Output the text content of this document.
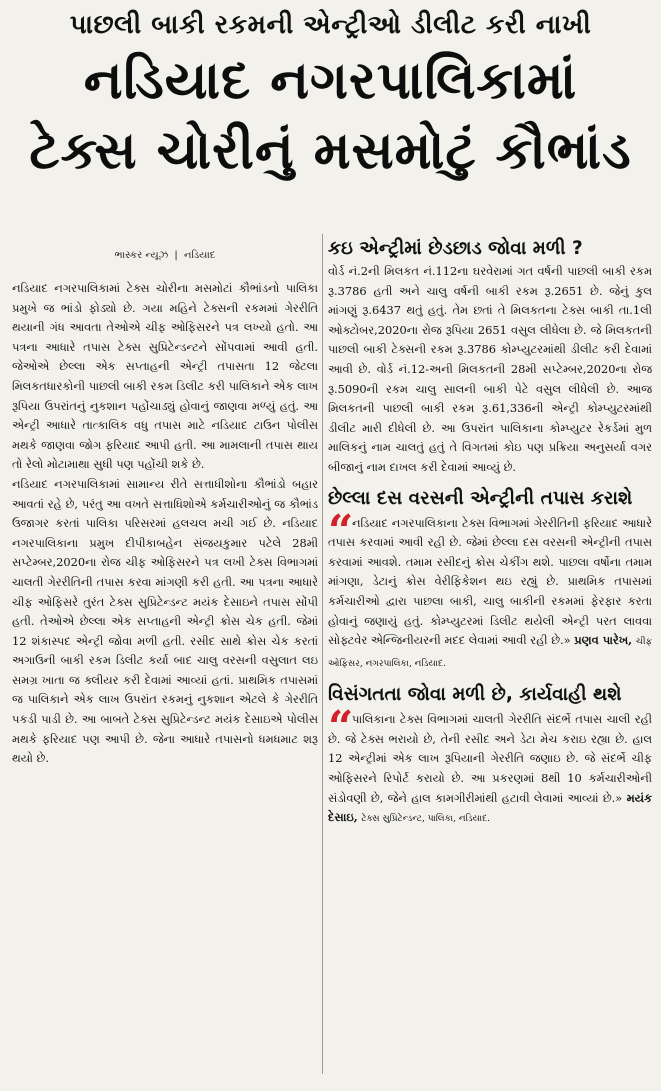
પાછલી બાકી રકમની એન્ટ્રીઓ ડીલીટ કરી નાખી
નડિયાદ નગરપાલિકામાં
ટેક્સ ચોરીનું મસમોટું કૌભાંડ
ભાસ્કર ન્યૂઝ | નડિયાદ

નડિયાદ નગરપાલિકામાં ટેક્સ ચોરીના મસમોટાં કૌભાંડનો પાલિકા પ્રમુખે જ ભાંડો ફોડ્યો છે. ગયા મહિને ટેક્સની રકમમાં ગેરરીતિ થયાની ગંધ આવતા તેઓએ ચીફ ઓફિસરને પત્ર લખ્યો હતો. આ પત્રના આધારે તપાસ ટેક્સ સુપ્રિટેન્ડન્ટને સોંપવામાં આવી હતી. જેઓએ છેલ્લા એક સપ્તાહની એન્ટ્રી તપાસતા 12 જેટલા મિલકતધારકોની પાછલી બાકી રકમ ડિલીટ કરી પાલિકાને એક લાખ રૂપિયા ઉપરાંતનું નુકશાન પહોંચાડ્યું હોવાનું જાણવા મળ્યું હતું. આ એન્ટ્રી આધારે તાત્કાલિક વધુ તપાસ માટે નડિયાદ ટાઉન પોલીસ મથકે જાણવા જોગ ફરિયાદ આપી હતી. આ મામલાની તપાસ થાય તો રેલો મોટામાથા સુધી પણ પહોંચી શકે છે.

નડિયાદ નગરપાલિકામાં સામાન્ય રીતે સત્તાધીશોના કૌભાંડો બહાર આવતાં રહે છે, પરંતુ આ વખતે સત્તાધિશોએ કર્મચારીઓનું જ કૌભાંડ ઉજાગર કરતાં પાલિકા પરિસરમાં હલચલ મચી ગઈ છે. નડિયાદ નગરપાલિકાના પ્રમુખ દીપીકાબહેન સંજયકુમાર પટેલે 28મી સપ્ટેમ્બર,2020ના રોજ ચીફ ઓફિસરને પત્ર લખી ટેક્સ વિભાગમાં ચાલતી ગેરરીતિની તપાસ કરવા માંગણી કરી હતી. આ પત્રના આધારે ચીફ ઓફિસરે તુરંત ટેક્સ સુપ્રિટેન્ડન્ટ મયંક દેસાઇને તપાસ સોંપી હતી. તેઓએ છેલ્લા એક સપ્તાહની એન્ટ્રી ક્રોસ ચેક હતી. જેમાં 12 શંકાસ્પદ એન્ટ્રી જોવા મળી હતી. રસીદ સાથે ક્રોસ ચેક કરતાં અગાઉની બાકી રકમ ડિલીટ કર્યા બાદ ચાલુ વરસની વસુલાત લઇ સમગ્ર ખાતા જ ક્લીયર કરી દેવામાં આવ્યાં હતાં. પ્રાથમિક તપાસમાં જ પાલિકાને એક લાખ ઉપરાંત રકમનું નુકશાન એટલે કે ગેરરીતિ પકડી પાડી છે. આ બાબતે ટેક્સ સુપ્રિટેન્ડન્ટ મયંક દેસાઇએ પોલીસ મથકે ફરિયાદ પણ આપી છે. જેના આધારે તપાસનો ધમધમાટ શરૂ થયો છે.

કઇ એન્ટ્રીમાં છેડછાડ જોવા મળી ?
વોર્ડ નં.2ની મિલકત નં.112ના ઘરવેરામાં ગત વર્ષની પાછલી બાકી રકમ રૂ.3786 હતી અને ચાલુ વર્ષની બાકી રકમ રૂ.2651 છે. જેનું કુલ માંગણું રૂ.6437 થતું હતું. તેમ છતાં તે મિલકતના ટેક્સ બાકી તા.1લી ઓક્ટોબર,2020ના રોજ રૂપિયા 2651 વસુલ લીધેલા છે. જે મિલકતની પાછલી બાકી ટેક્સની રકમ રૂ.3786 કોમ્પ્યુટરમાંથી ડીલીટ કરી દેવામાં આવી છે. વોર્ડ નં.12-અની મિલકતની 28મી સપ્ટેમ્બર,2020ના રોજ રૂ.5090ની રકમ ચાલુ સાલની બાકી પેટે વસુલ લીધેલી છે. આજ મિલકતની પાછલી બાકી રકમ રૂ.61,336ની એન્ટ્રી કોમ્પ્યુટરમાંથી ડીલીટ મારી દીધેલી છે. આ ઉપરાંત પાલિકાના કોમ્પ્યુટર રેકર્ડમાં મુળ માલિકનું નામ ચાલતું હતું તે વિગતમાં કોઇ પણ પ્રક્રિયા અનુસર્યા વગર બીજાનું નામ દાખલ કરી દેવામાં આવ્યું છે.
છેલ્લા દસ વરસની એન્ટ્રીની તપાસ કરાશે
“
નડિયાદ નગરપાલિકાના ટેક્સ વિભાગમાં ગેરરીતિની ફરિયાદ આધારે તપાસ કરવામાં આવી રહી છે. જેમાં છેલ્લા દસ વરસની એન્ટ્રીની તપાસ કરવામાં આવશે. તમામ રસીદનું ક્રોસ ચેકીંગ થશે. પાછલા વર્ષોના તમામ માંગણા, ડેટાનું ક્રોસ વેરીફિકેશન થઇ રહ્યું છે. પ્રાથમિક તપાસમાં કર્મચારીઓ દ્વારા પાછલા બાકી, ચાલુ બાકીની રકમમાં ફેરફાર કરતા હોવાનું જણાયું હતું. કોમ્પ્યુટરમાં ડિલીટ થયેલી એન્ટ્રી પરત લાવવા સોફ્ટવેર એન્જિનીયરની મદદ લેવામાં આવી રહી છે.» પ્રણવ પારેખ, ચીફ ઓફિસર, નગરપાલિકા, નડિયાદ.
વિસંગતતા જોવા મળી છે, કાર્યવાહી થશે
“
પાલિકાના ટેક્સ વિભાગમાં ચાલતી ગેરરીતિ સંદર્ભે તપાસ ચાલી રહી છે. જે ટેક્સ ભરાયો છે, તેની રસીદ અને ડેટા મેચ કરાઇ રહ્યા છે. હાલ 12 એન્ટ્રીમાં એક લાખ રૂપિયાની ગેરરીતિ જણાઇ છે. જે સંદર્ભે ચીફ ઓફિસરને રિપોર્ટ કરાયો છે. આ પ્રકરણમાં 8થી 10 કર્મચારીઓની સંડોવણી છે, જેને હાલ કામગીરીમાંથી હટાવી લેવામાં આવ્યાં છે.» મયંક દેસાઇ, ટેક્સ સુપ્રિટેન્ડન્ટ, પાલિકા, નડિયાદ.
